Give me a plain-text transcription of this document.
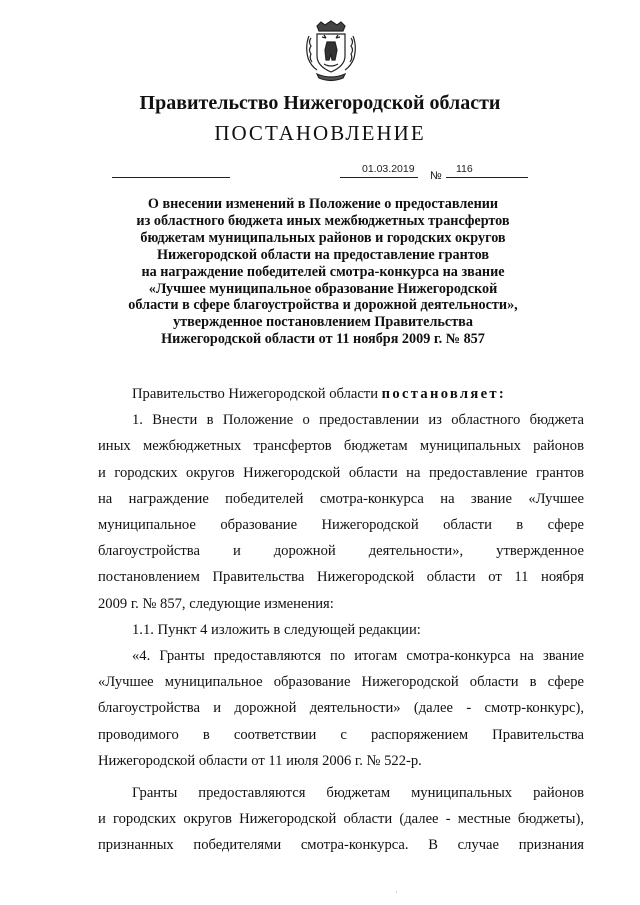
Правительство Нижегородской области
ПОСТАНОВЛЕНИЕ
01.03.2019
№
116
О внесении изменений в Положение о предоставлении
из областного бюджета иных межбюджетных трансфертов
бюджетам муниципальных районов и городских округов
Нижегородской области на предоставление грантов
на награждение победителей смотра-конкурса на звание
«Лучшее муниципальное образование Нижегородской
области в сфере благоустройства и дорожной деятельности»,
утвержденное постановлением Правительства
Нижегородской области от 11 ноября 2009 г. № 857
Правительство Нижегородской области постановляет:
1. Внести в Положение о предоставлении из областного бюджета
иных межбюджетных трансфертов бюджетам муниципальных районов
и городских округов Нижегородской области на предоставление грантов
на награждение победителей смотра-конкурса на звание «Лучшее
муниципальное образование Нижегородской области в сфере
благоустройства и дорожной деятельности», утвержденное
постановлением Правительства Нижегородской области от 11 ноября
2009 г. № 857, следующие изменения:
1.1. Пункт 4 изложить в следующей редакции:
«4. Гранты предоставляются по итогам смотра-конкурса на звание
«Лучшее муниципальное образование Нижегородской области в сфере
благоустройства и дорожной деятельности» (далее - смотр-конкурс),
проводимого в соответствии с распоряжением Правительства
Нижегородской области от 11 июля 2006 г. № 522-р.
Гранты предоставляются бюджетам муниципальных районов
и городских округов Нижегородской области (далее - местные бюджеты),
признанных победителями смотра-конкурса. В случае признания
˙
